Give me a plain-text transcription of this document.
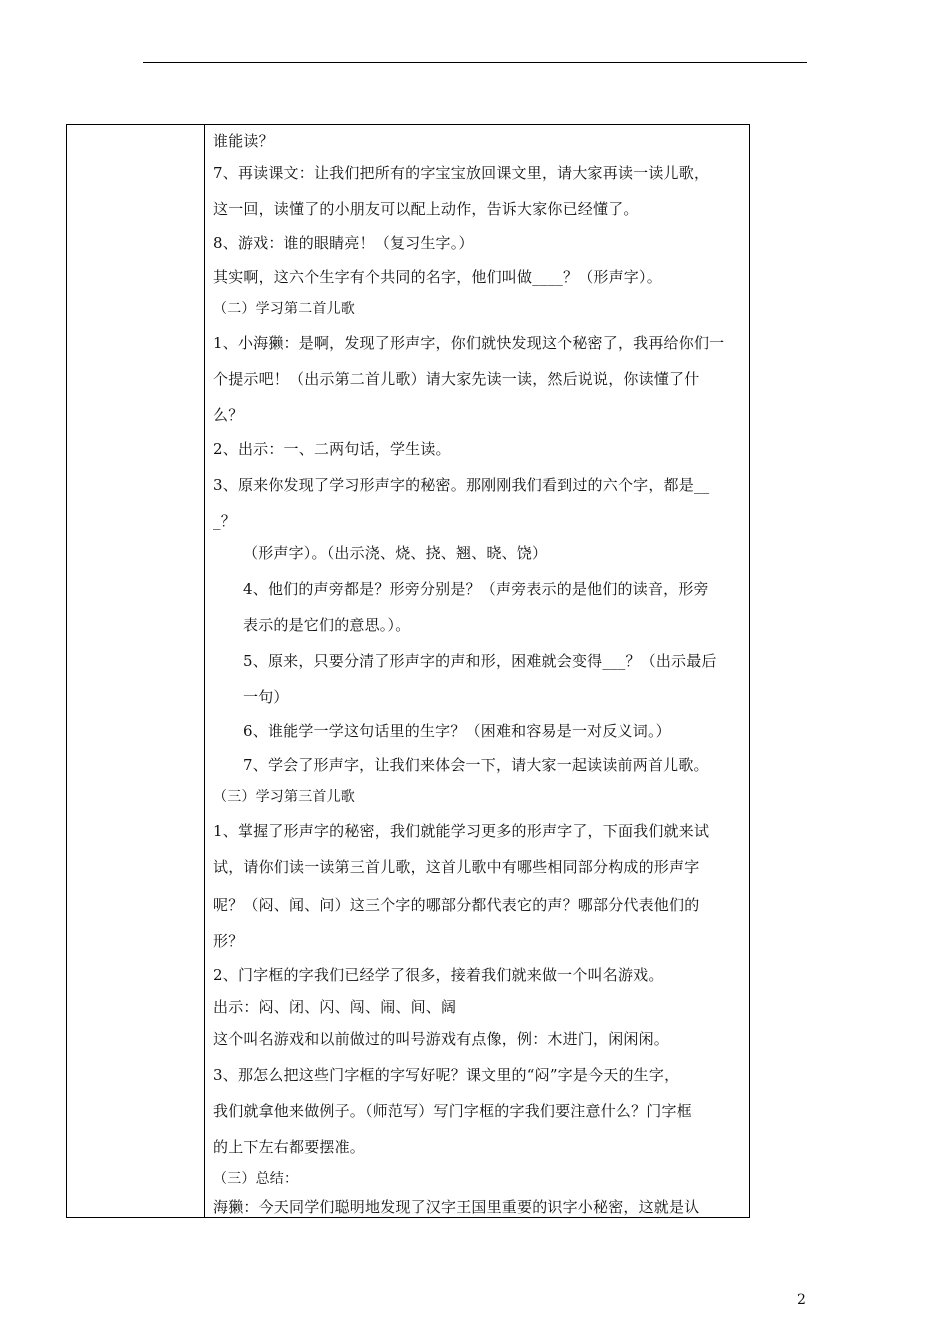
谁能读？
7、再读课文：让我们把所有的字宝宝放回课文里，请大家再读一读儿歌，
这一回，读懂了的小朋友可以配上动作，告诉大家你已经懂了。
8、游戏：谁的眼睛亮！（复习生字。）
其实啊，这六个生字有个共同的名字，他们叫做____？（形声字）。
（二）学习第二首儿歌
1、小海獭：是啊，发现了形声字，你们就快发现这个秘密了，我再给你们一
个提示吧！（出示第二首儿歌）请大家先读一读，然后说说，你读懂了什
么？
2、出示：一、二两句话，学生读。
3、原来你发现了学习形声字的秘密。那刚刚我们看到过的六个字，都是__
_？
（形声字）。（出示浇、烧、挠、翘、晓、饶）
4、他们的声旁都是？形旁分别是？（声旁表示的是他们的读音，形旁
表示的是它们的意思。）。
5、原来，只要分清了形声字的声和形，困难就会变得___？（出示最后
一句）
6、谁能学一学这句话里的生字？（困难和容易是一对反义词。）
7、学会了形声字，让我们来体会一下，请大家一起读读前两首儿歌。
（三）学习第三首儿歌
1、掌握了形声字的秘密，我们就能学习更多的形声字了，下面我们就来试
试，请你们读一读第三首儿歌，这首儿歌中有哪些相同部分构成的形声字
呢？（闷、闻、问）这三个字的哪部分都代表它的声？哪部分代表他们的
形？
2、门字框的字我们已经学了很多，接着我们就来做一个叫名游戏。
出示：闷、闭、闪、闯、闹、间、阔
这个叫名游戏和以前做过的叫号游戏有点像，例：木进门，闲闲闲。
3、那怎么把这些门字框的字写好呢？课文里的“闷”字是今天的生字，
我们就拿他来做例子。（师范写）写门字框的字我们要注意什么？门字框
的上下左右都要摆准。
（三）总结：
海獭：今天同学们聪明地发现了汉字王国里重要的识字小秘密，这就是认
2
